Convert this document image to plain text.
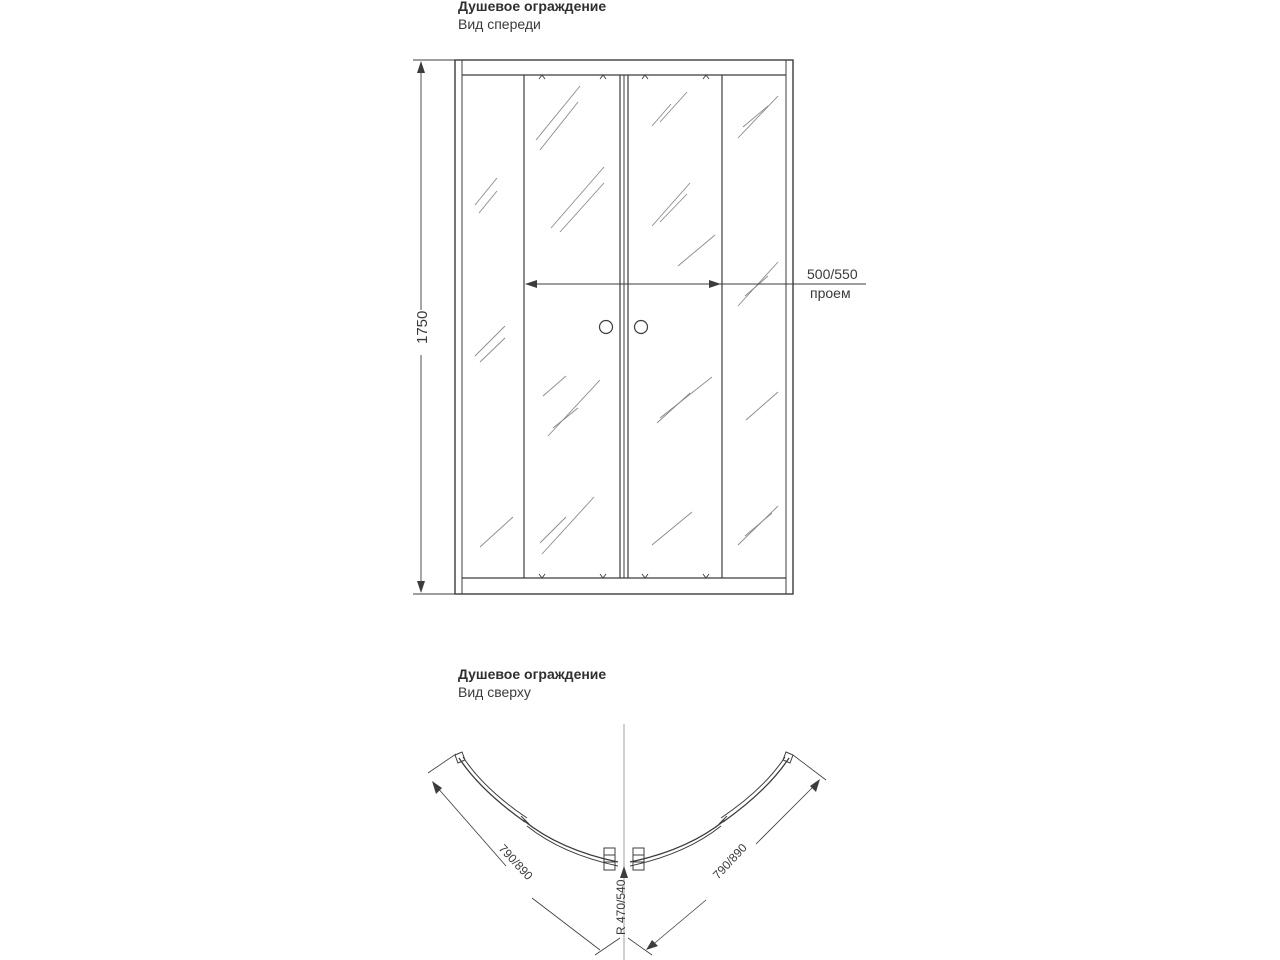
Душевое ограждение
Вид спереди
Душевое ограждение
Вид сверху
1750
500/550
проем
790/890	790/890
R 470/540
